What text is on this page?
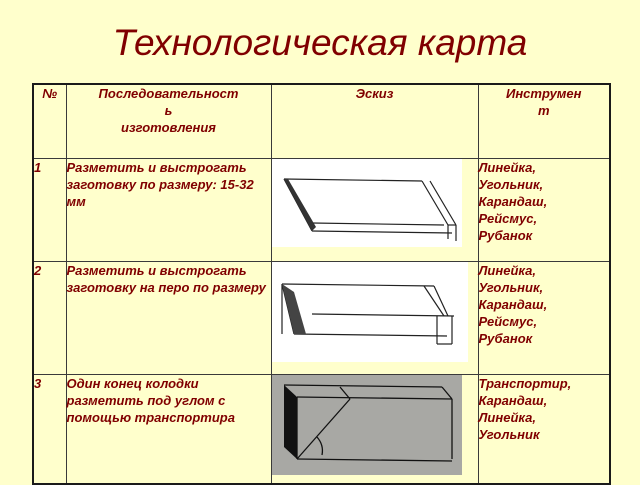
Технологическая карта
№	Последовательност
ь
изготовления	Эскиз	Инструмен
т

1	Разметить и выстрогать заготовку по размеру: 15-32 мм		Линейка,
Угольник,
Карандаш,
Рейсмус,
Рубанок

2	Разметить и выстрогать заготовку на перо по размеру		Линейка,
Угольник,
Карандаш,
Рейсмус,
Рубанок

3	Один конец колодки разметить под углом с помощью транспортира		Транспортир,
Карандаш,
Линейка,
Угольник
